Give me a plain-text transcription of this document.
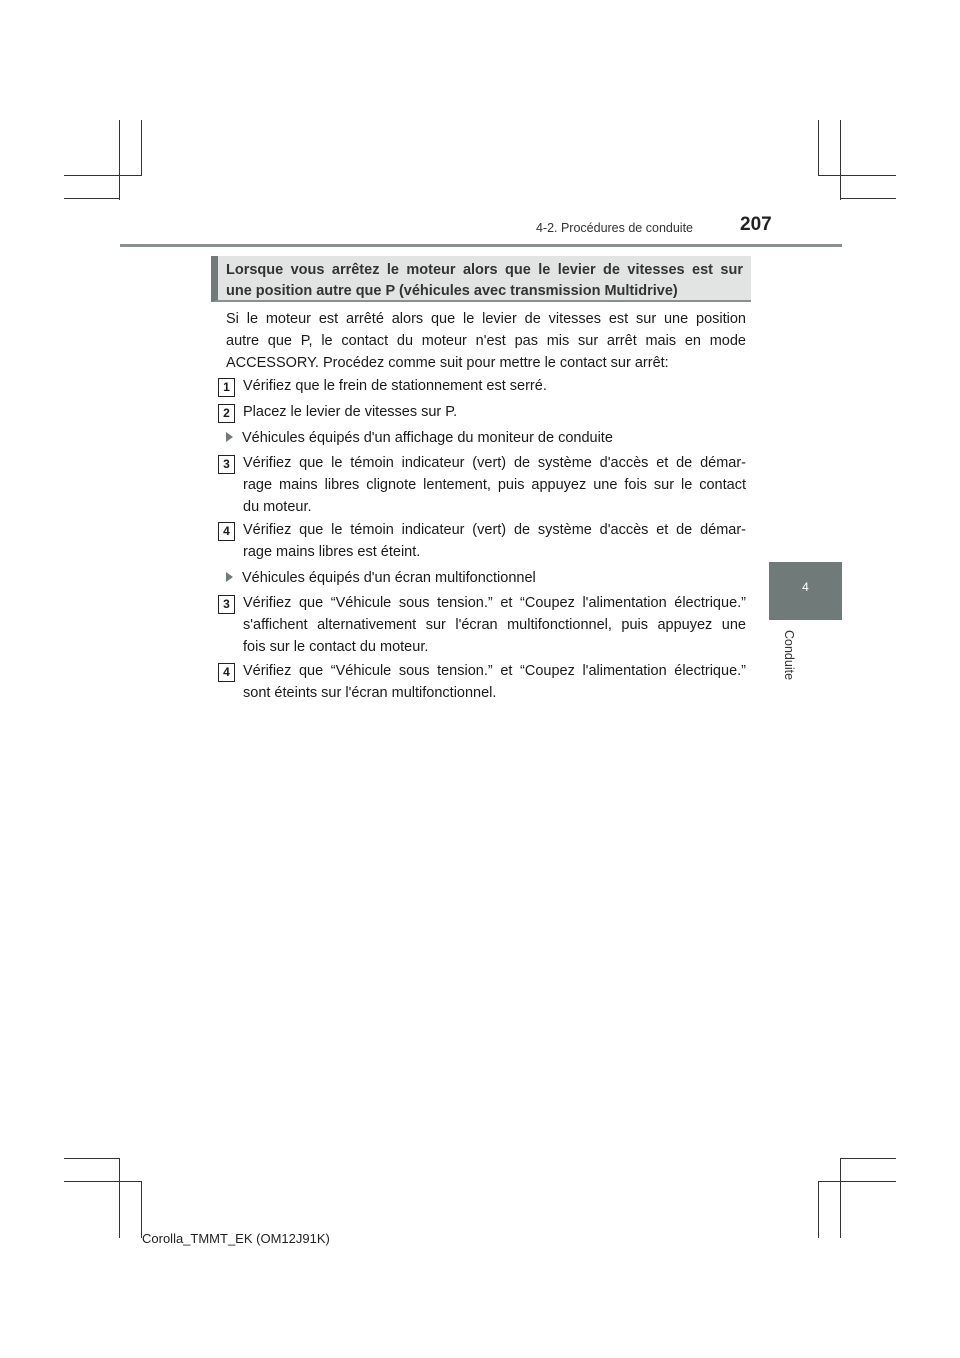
4-2. Procédures de conduite 207
4
Conduite

Lorsque vous arrêtez le moteur alors que le levier de vitesses est sur

une position autre que P (véhicules avec transmission Multidrive)

Si le moteur est arrêté alors que le levier de vitesses est sur une position
autre que P, le contact du moteur n'est pas mis sur arrêt mais en mode
ACCESSORY. Procédez comme suit pour mettre le contact sur arrêt:

1 Vérifiez que le frein de stationnement est serré.

2 Placez le levier de vitesses sur P.

Véhicules équipés d'un affichage du moniteur de conduite
3 Vérifiez que le témoin indicateur (vert) de système d'accès et de démar-
rage mains libres clignote lentement, puis appuyez une fois sur le contact
du moteur.

4 Vérifiez que le témoin indicateur (vert) de système d'accès et de démar-
rage mains libres est éteint.

Véhicules équipés d'un écran multifonctionnel
3 Vérifiez que “Véhicule sous tension.” et “Coupez l'alimentation électrique.”
s'affichent alternativement sur l'écran multifonctionnel, puis appuyez une
fois sur le contact du moteur.

4 Vérifiez que “Véhicule sous tension.” et “Coupez l'alimentation électrique.”
sont éteints sur l'écran multifonctionnel.

Corolla_TMMT_EK (OM12J91K)
